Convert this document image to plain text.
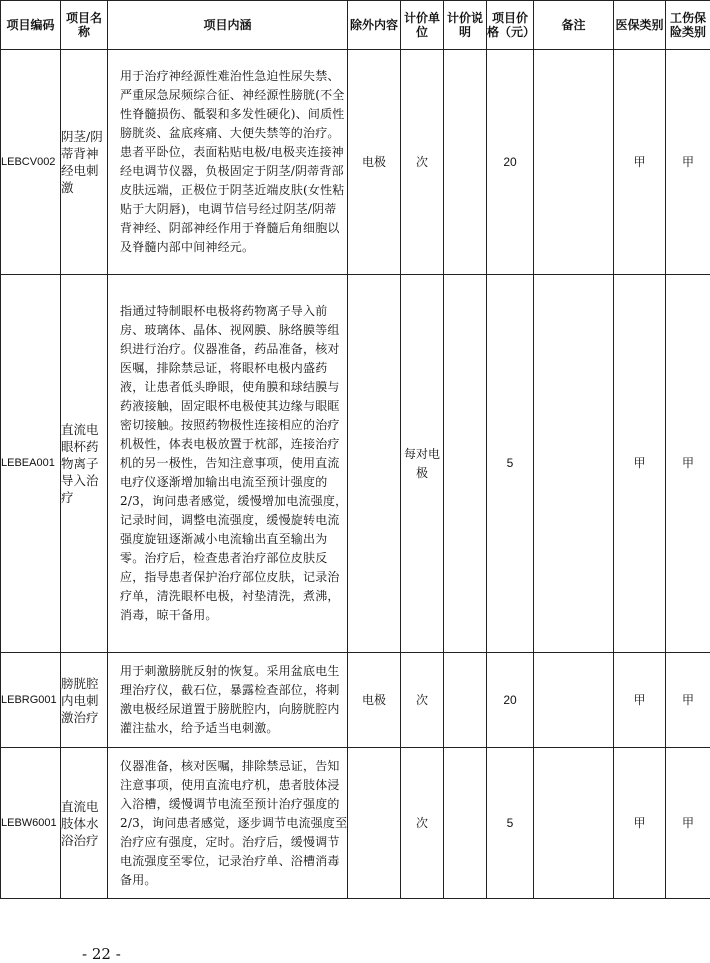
项目编码	项目名称	项目内涵	除外内容	计价单位	计价说明	项目价格（元）	备注	医保类别	工伤保险类别
LEBCV002	阴茎/阴蒂背神经电刺激	用于治疗神经源性难治性急迫性尿失禁、严重尿急尿频综合征、神经源性膀胱(不全性脊髓损伤、骶裂和多发性硬化)、间质性膀胱炎、盆底疼痛、大便失禁等的治疗。患者平卧位，表面粘贴电极/电极夹连接神经电调节仪器，负极固定于阴茎/阴蒂背部皮肤远端，正极位于阴茎近端皮肤(女性粘贴于大阴唇)，电调节信号经过阴茎/阴蒂背神经、阴部神经作用于脊髓后角细胞以及脊髓内部中间神经元。	电极	次		20		甲	甲
LEBEA001	直流电眼杯药物离子导入治疗	指通过特制眼杯电极将药物离子导入前房、玻璃体、晶体、视网膜、脉络膜等组织进行治疗。仪器准备，药品准备，核对医嘱，排除禁忌证，将眼杯电极内盛药液，让患者低头睁眼，使角膜和球结膜与药液接触，固定眼杯电极使其边缘与眼眶密切接触。按照药物极性连接相应的治疗机极性，体表电极放置于枕部，连接治疗机的另一极性，告知注意事项，使用直流电疗仪逐渐增加输出电流至预计强度的2/3，询问患者感觉，缓慢增加电流强度，记录时间，调整电流强度，缓慢旋转电流强度旋钮逐渐减小电流输出直至输出为零。治疗后，检查患者治疗部位皮肤反应，指导患者保护治疗部位皮肤，记录治疗单，清洗眼杯电极，衬垫清洗，煮沸，消毒，晾干备用。		每对电极		5		甲	甲
LEBRG001	膀胱腔内电刺激治疗	用于刺激膀胱反射的恢复。采用盆底电生理治疗仪，截石位，暴露检查部位，将刺激电极经尿道置于膀胱腔内，向膀胱腔内灌注盐水，给予适当电刺激。	电极	次		20		甲	甲
LEBW6001	直流电肢体水浴治疗	仪器准备，核对医嘱，排除禁忌证，告知注意事项，使用直流电疗机，患者肢体浸入浴槽，缓慢调节电流至预计治疗强度的2/3，询问患者感觉，逐步调节电流强度至治疗应有强度，定时。治疗后，缓慢调节电流强度至零位，记录治疗单、浴槽消毒备用。		次		5		甲	甲
- 22 -
